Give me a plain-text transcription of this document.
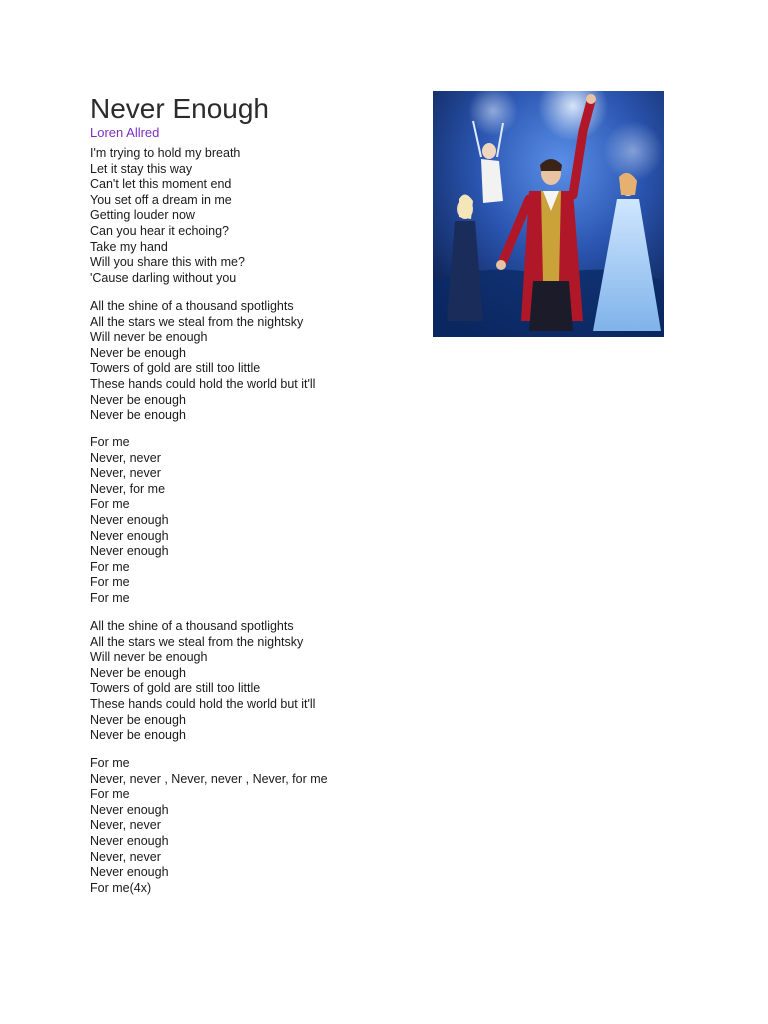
Never Enough
Loren Allred
I'm trying to hold my breath
Let it stay this way
Can't let this moment end
You set off a dream in me
Getting louder now
Can you hear it echoing?
Take my hand
Will you share this with me?
'Cause darling without you
All the shine of a thousand spotlights
All the stars we steal from the nightsky
Will never be enough
Never be enough
Towers of gold are still too little
These hands could hold the world but it'll
Never be enough
Never be enough
For me
Never, never
Never, never
Never, for me
For me
Never enough
Never enough
Never enough
For me
For me
For me
All the shine of a thousand spotlights
All the stars we steal from the nightsky
Will never be enough
Never be enough
Towers of gold are still too little
These hands could hold the world but it'll
Never be enough
Never be enough
For me
Never, never , Never, never , Never, for me
For me
Never enough
Never, never
Never enough
Never, never
Never enough
For me(4x)
